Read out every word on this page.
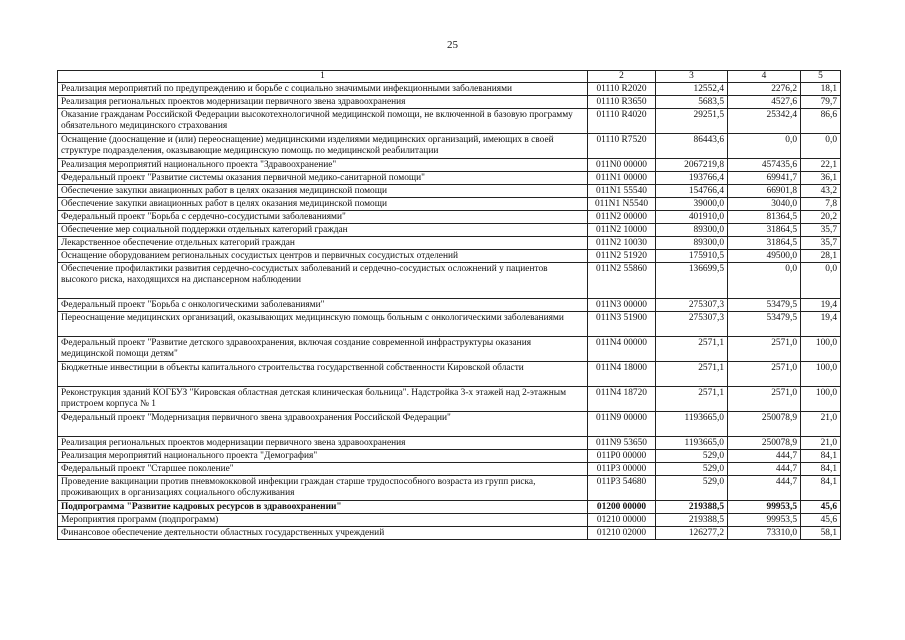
25
1	2	3	4	5
Реализация мероприятий по предупреждению и борьбе с социально значимыми инфекционными заболеваниями	01110 R2020	12552,4	2276,2	18,1
Реализация региональных проектов модернизации первичного звена здравоохранения	01110 R3650	5683,5	4527,6	79,7
Оказание гражданам Российской Федерации высокотехнологичной медицинской помощи, не включенной в базовую программу обязательного медицинского страхования	01110 R4020	29251,5	25342,4	86,6
Оснащение (дооснащение и (или) переоснащение) медицинскими изделиями медицинских организаций, имеющих в своей структуре подразделения, оказывающие медицинскую помощь по медицинской реабилитации	01110 R7520	86443,6	0,0	0,0
Реализация мероприятий национального проекта "Здравоохранение"	011N0 00000	2067219,8	457435,6	22,1
Федеральный проект "Развитие системы оказания первичной медико-санитарной помощи"	011N1 00000	193766,4	69941,7	36,1
Обеспечение закупки авиационных работ в целях оказания медицинской помощи	011N1 55540	154766,4	66901,8	43,2
Обеспечение закупки авиационных работ в целях оказания медицинской помощи	011N1 N5540	39000,0	3040,0	7,8
Федеральный проект "Борьба с сердечно-сосудистыми заболеваниями"	011N2 00000	401910,0	81364,5	20,2
Обеспечение мер социальной поддержки отдельных категорий граждан	011N2 10000	89300,0	31864,5	35,7
Лекарственное обеспечение отдельных категорий граждан	011N2 10030	89300,0	31864,5	35,7
Оснащение оборудованием региональных сосудистых центров и первичных сосудистых отделений	011N2 51920	175910,5	49500,0	28,1
Обеспечение профилактики развития сердечно-сосудистых заболеваний и сердечно-сосудистых осложнений у пациентов высокого риска, находящихся на диспансерном наблюдении	011N2 55860	136699,5	0,0	0,0
Федеральный проект "Борьба с онкологическими заболеваниями"	011N3 00000	275307,3	53479,5	19,4
Переоснащение медицинских организаций, оказывающих медицинскую помощь больным с онкологическими заболеваниями	011N3 51900	275307,3	53479,5	19,4
Федеральный проект "Развитие детского здравоохранения, включая создание современной инфраструктуры оказания медицинской помощи детям"	011N4 00000	2571,1	2571,0	100,0
Бюджетные инвестиции в объекты капитального строительства государственной собственности Кировской области	011N4 18000	2571,1	2571,0	100,0
Реконструкция зданий КОГБУЗ "Кировская областная детская клиническая больница". Надстройка 3-х этажей над 2-этажным пристроем корпуса № 1	011N4 18720	2571,1	2571,0	100,0
Федеральный проект "Модернизация первичного звена здравоохранения Российской Федерации"	011N9 00000	1193665,0	250078,9	21,0
Реализация региональных проектов модернизации первичного звена здравоохранения	011N9 53650	1193665,0	250078,9	21,0
Реализация мероприятий национального проекта "Демография"	011P0 00000	529,0	444,7	84,1
Федеральный проект "Старшее поколение"	011P3 00000	529,0	444,7	84,1
Проведение вакцинации против пневмококковой инфекции граждан старше трудоспособного возраста из групп риска, проживающих в организациях социального обслуживания	011P3 54680	529,0	444,7	84,1
Подпрограмма "Развитие кадровых ресурсов в здравоохранении"	01200 00000	219388,5	99953,5	45,6
Мероприятия программ (подпрограмм)	01210 00000	219388,5	99953,5	45,6
Финансовое обеспечение деятельности областных государственных учреждений	01210 02000	126277,2	73310,0	58,1
